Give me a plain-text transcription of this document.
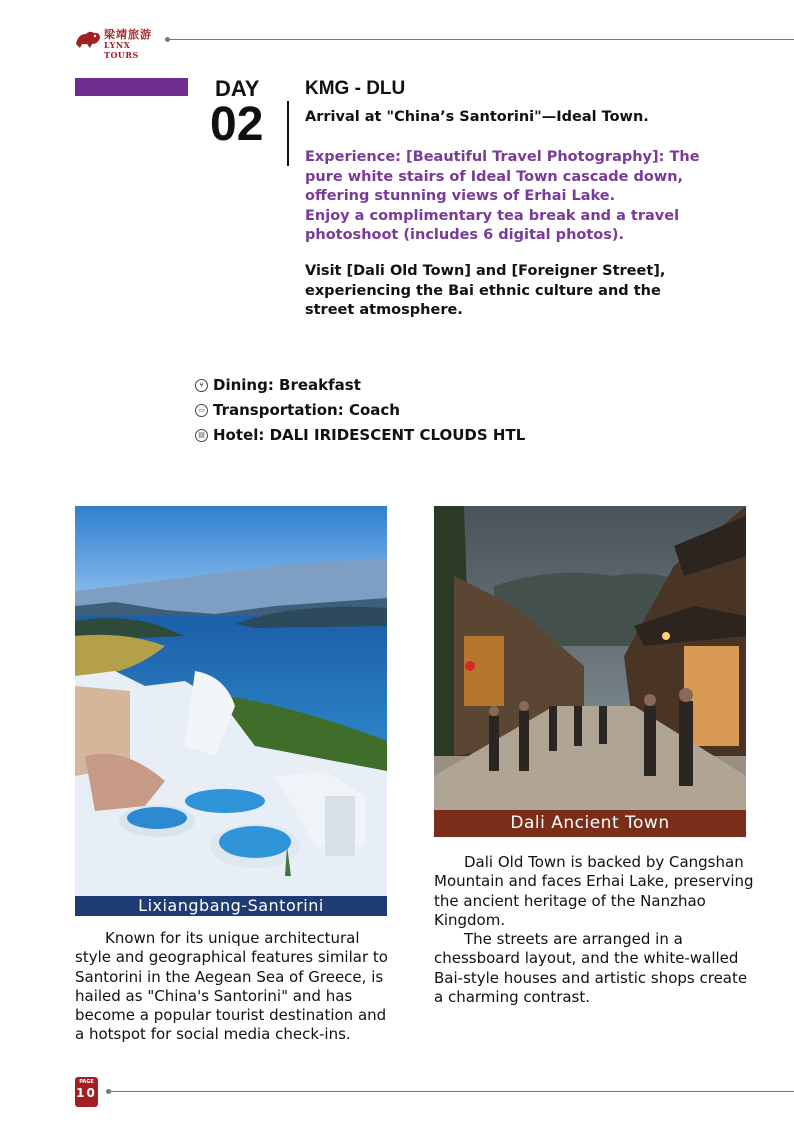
梁靖旅游
LYNX TOURS
DAY
02
KMG - DLU
Arrival at "China’s Santorini"—Ideal Town.
Experience: [Beautiful Travel Photography]: The pure white stairs of Ideal Town cascade down, offering stunning views of Erhai Lake.
Enjoy a complimentary tea break and a travel photoshoot (includes 6 digital photos).
Visit [Dali Old Town] and [Foreigner Street], experiencing the Bai ethnic culture and the street atmosphere.
⑂ Dining: Breakfast
▭ Transportation: Coach
▤ Hotel: DALI IRIDESCENT CLOUDS HTL
Lixiangbang-Santorini
Dali Ancient Town

Known for its unique architectural style and geographical features similar to Santorini in the Aegean Sea of Greece, is hailed as "China's Santorini" and has become a popular tourist destination and a hotspot for social media check-ins.

Dali Old Town is backed by Cangshan Mountain and faces Erhai Lake, preserving the ancient heritage of the Nanzhao Kingdom.

The streets are arranged in a chessboard layout, and the white-walled Bai-style houses and artistic shops create a charming contrast.

PAGE
10
